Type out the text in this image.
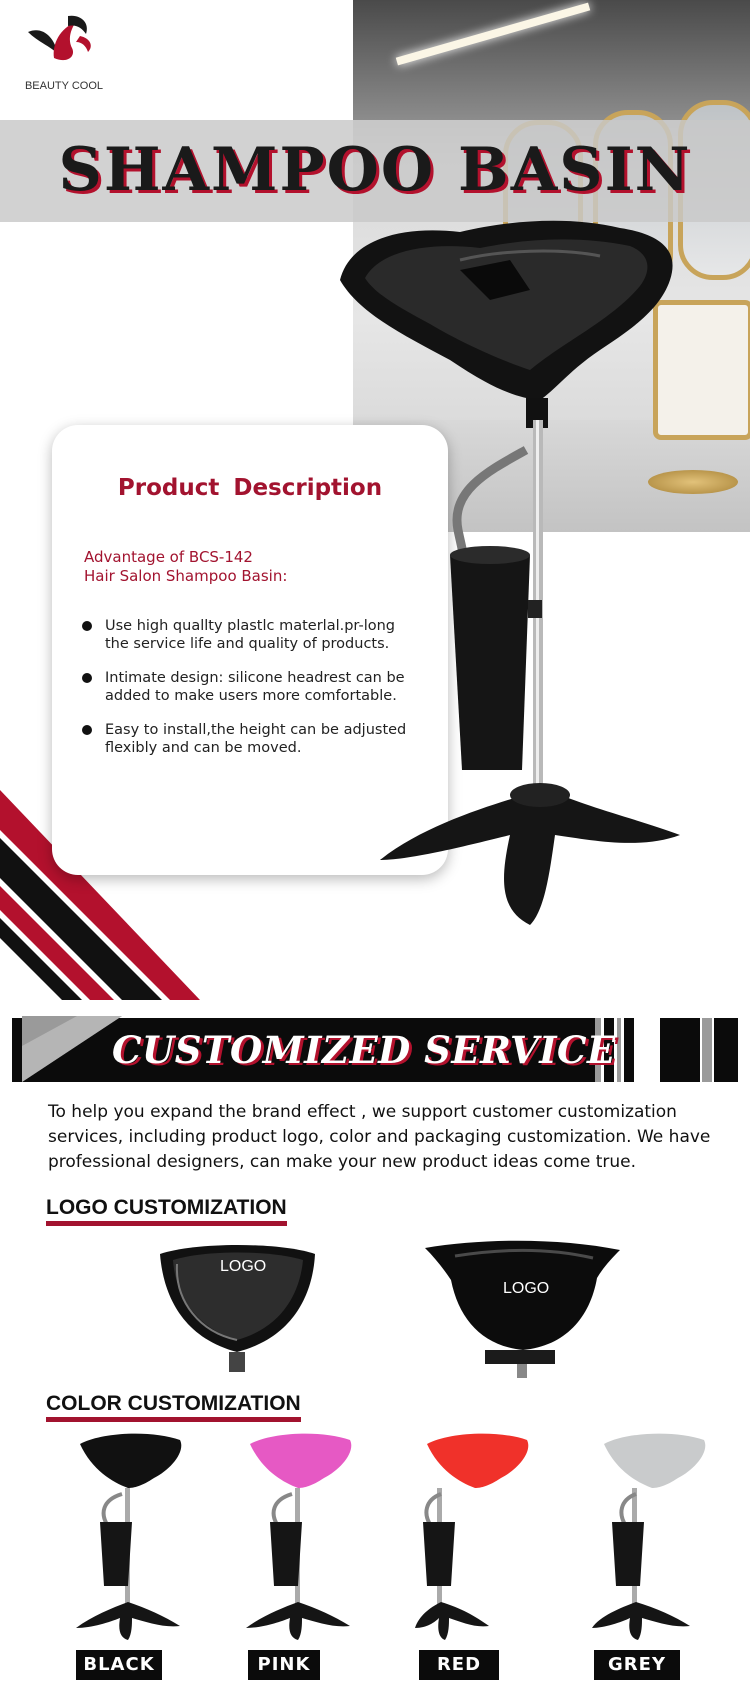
SHAMPOO BASIN
BEAUTY COOL
Product Description
Advantage of BCS-142
Hair Salon Shampoo Basin:
Use high quallty plastlc materlal.pr-long the service life and quality of products.
Intimate design: silicone headrest can be added to make users more comfortable.
Easy to install,the height can be adjusted flexibly and can be moved.
CUSTOMIZED SERVICE

To help you expand the brand effect , we support customer customization services, including product logo, color and packaging customization. We have professional designers, can make your new product ideas come true.

LOGO CUSTOMIZATION
LOGO
LOGO
COLOR CUSTOMIZATION
BLACK	PINK	RED	GREY
